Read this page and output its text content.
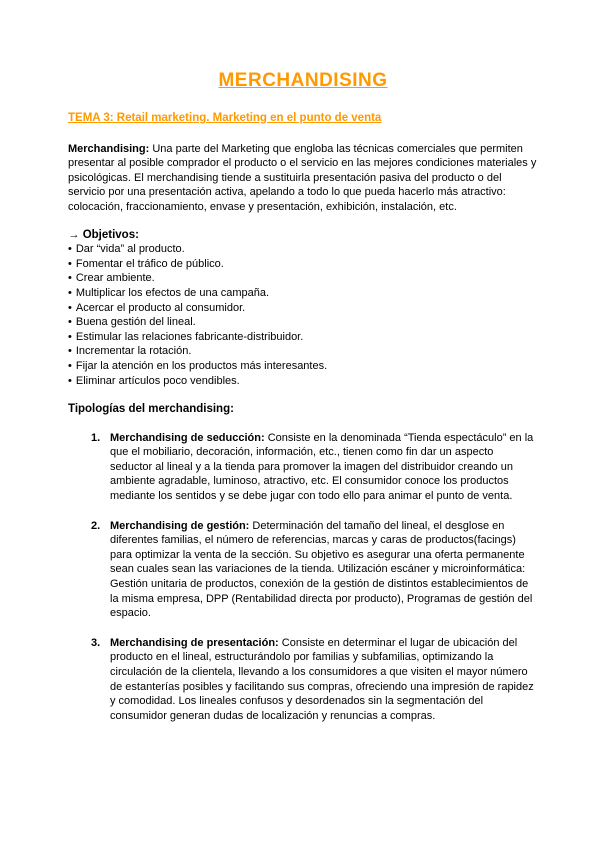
MERCHANDISING
TEMA 3: Retail marketing. Marketing en el punto de venta

Merchandising: Una parte del Marketing que engloba las técnicas comerciales que permiten presentar al posible comprador el producto o el servicio en las mejores condiciones materiales y psicológicas. El merchandising tiende a sustituirla presentación pasiva del producto o del servicio por una presentación activa, apelando a todo lo que pueda hacerlo más atractivo: colocación, fraccionamiento, envase y presentación, exhibición, instalación, etc.

→ Objetivos:

• Dar “vida” al producto.
• Fomentar el tráfico de público.
• Crear ambiente.
• Multiplicar los efectos de una campaña.
• Acercar el producto al consumidor.
• Buena gestión del lineal.
• Estimular las relaciones fabricante-distribuidor.
• Incrementar la rotación.
• Fijar la atención en los productos más interesantes.
• Eliminar artículos poco vendibles.

Tipologías del merchandising:

1. Merchandising de seducción: Consiste en la denominada “Tienda espectáculo” en la que el mobiliario, decoración, información, etc., tienen como fin dar un aspecto seductor al lineal y a la tienda para promover la imagen del distribuidor creando un ambiente agradable, luminoso, atractivo, etc. El consumidor conoce los productos mediante los sentidos y se debe jugar con todo ello para animar el punto de venta.

2. Merchandising de gestión: Determinación del tamaño del lineal, el desglose en diferentes familias, el número de referencias, marcas y caras de productos(facings) para optimizar la venta de la sección. Su objetivo es asegurar una oferta permanente sean cuales sean las variaciones de la tienda. Utilización escáner y microinformática: Gestión unitaria de productos, conexión de la gestión de distintos establecimientos de la misma empresa, DPP (Rentabilidad directa por producto), Programas de gestión del espacio.

3. Merchandising de presentación: Consiste en determinar el lugar de ubicación del producto en el lineal, estructurándolo por familias y subfamilias, optimizando la circulación de la clientela, llevando a los consumidores a que visiten el mayor número de estanterías posibles y facilitando sus compras, ofreciendo una impresión de rapidez y comodidad. Los lineales confusos y desordenados sin la segmentación del consumidor generan dudas de localización y renuncias a compras.
